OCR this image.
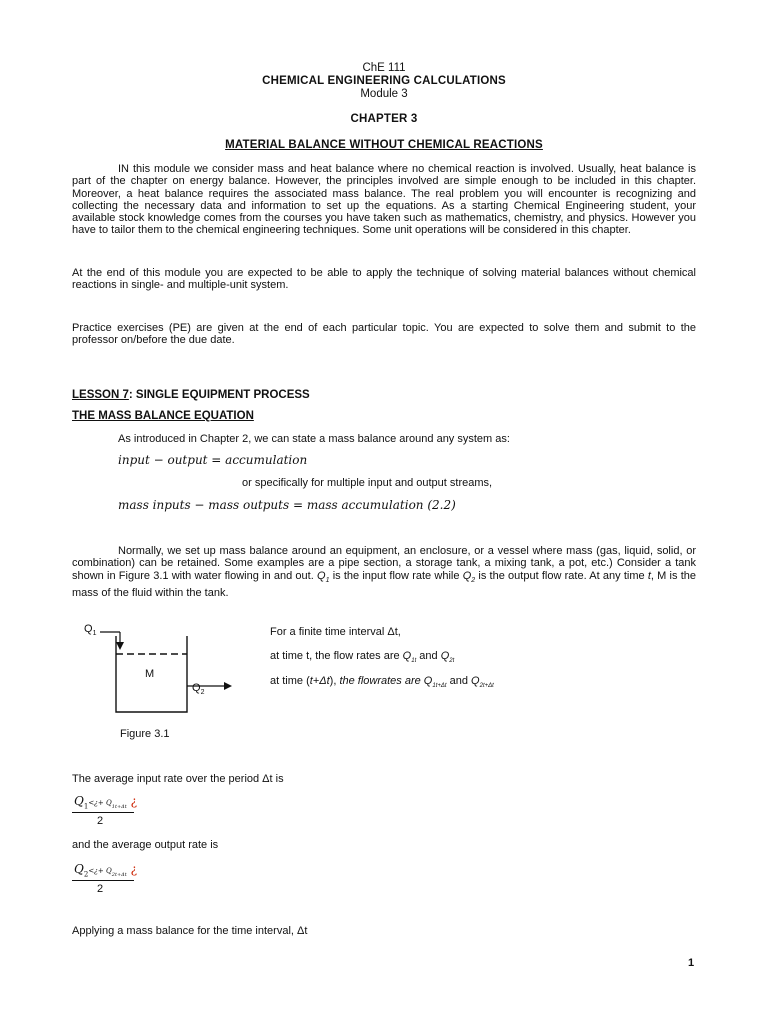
ChE 111
CHEMICAL ENGINEERING CALCULATIONS
Module 3
CHAPTER 3
MATERIAL BALANCE WITHOUT CHEMICAL REACTIONS

IN this module we consider mass and heat balance where no chemical reaction is involved. Usually, heat balance is part of the chapter on energy balance. However, the principles involved are simple enough to be included in this chapter. Moreover, a heat balance requires the associated mass balance. The real problem you will encounter is recognizing and collecting the necessary data and information to set up the equations. As a starting Chemical Engineering student, your available stock knowledge comes from the courses you have taken such as mathematics, chemistry, and physics. However you have to tailor them to the chemical engineering techniques. Some unit operations will be considered in this chapter.

At the end of this module you are expected to be able to apply the technique of solving material balances without chemical reactions in single- and multiple-unit system.

Practice exercises (PE) are given at the end of each particular topic. You are expected to solve them and submit to the professor on/before the due date.

LESSON 7: SINGLE EQUIPMENT PROCESS
THE MASS BALANCE EQUATION
As introduced in Chapter 2, we can state a mass balance around any system as:
input − output = accumulation
or specifically for multiple input and output streams,
mass inputs − mass outputs = mass accumulation (2.2)

Normally, we set up mass balance around an equipment, an enclosure, or a vessel where mass (gas, liquid, solid, or combination) can be retained. Some examples are a pipe section, a storage tank, a mixing tank, a pot, etc.) Consider a tank shown in Figure 3.1 with water flowing in and out. $Q_1$ is the input flow rate while $Q_2$ is the output flow rate. At any time t, M is the mass of the fluid within the tank.

$Q_1$
M
$Q_2$
Figure 3.1
For a finite time interval Δt,
at time t, the flow rates are $Q_{1t}$ and $Q_{2t}$
at time (t+Δt), the flowrates are $Q_{1t+\Delta t}$ and $Q_{2t+\Delta t}$
The average input rate over the period Δt is
$Q_1<¿+ Q_{1t+\Delta t}$ ¿
2
and the average output rate is
$Q_2<¿+ Q_{2t+\Delta t}$ ¿
2
Applying a mass balance for the time interval, Δt
1
